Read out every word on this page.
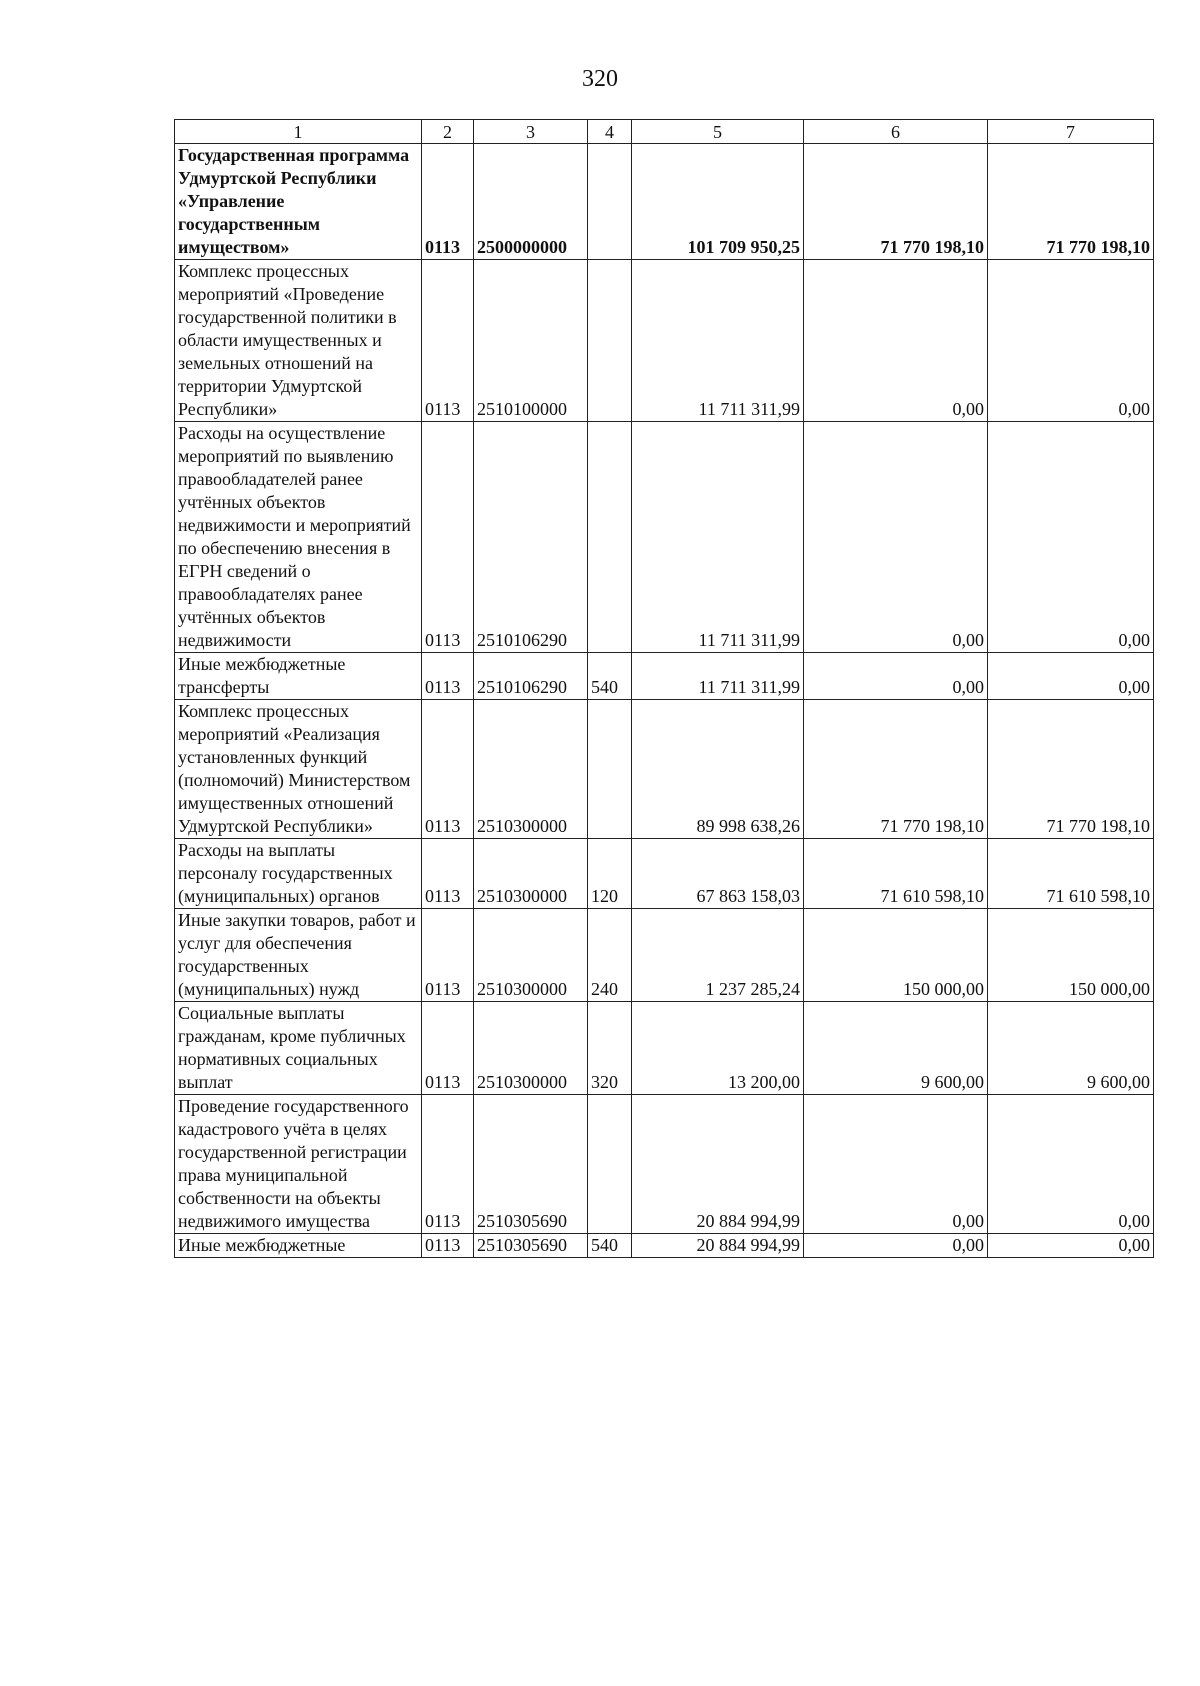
320
1	2	3	4	5	6	7
Государственная программа Удмуртской Республики «Управление государственным имуществом»	0113	2500000000		101 709 950,25	71 770 198,10	71 770 198,10
Комплекс процессных мероприятий «Проведение государственной политики в области имущественных и земельных отношений на территории Удмуртской Республики»	0113	2510100000		11 711 311,99	0,00	0,00
Расходы на осуществление мероприятий по выявлению правообладателей ранее учтённых объектов недвижимости и мероприятий по обеспечению внесения в ЕГРН сведений о правообладателях ранее учтённых объектов недвижимости	0113	2510106290		11 711 311,99	0,00	0,00
Иные межбюджетные трансферты	0113	2510106290	540	11 711 311,99	0,00	0,00
Комплекс процессных мероприятий «Реализация установленных функций (полномочий) Министерством имущественных отношений Удмуртской Республики»	0113	2510300000		89 998 638,26	71 770 198,10	71 770 198,10
Расходы на выплаты персоналу государственных (муниципальных) органов	0113	2510300000	120	67 863 158,03	71 610 598,10	71 610 598,10
Иные закупки товаров, работ и услуг для обеспечения государственных (муниципальных) нужд	0113	2510300000	240	1 237 285,24	150 000,00	150 000,00
Социальные выплаты гражданам, кроме публичных нормативных социальных выплат	0113	2510300000	320	13 200,00	9 600,00	9 600,00
Проведение государственного кадастрового учёта в целях государственной регистрации права муниципальной собственности на объекты недвижимого имущества	0113	2510305690		20 884 994,99	0,00	0,00
Иные межбюджетные	0113	2510305690	540	20 884 994,99	0,00	0,00
